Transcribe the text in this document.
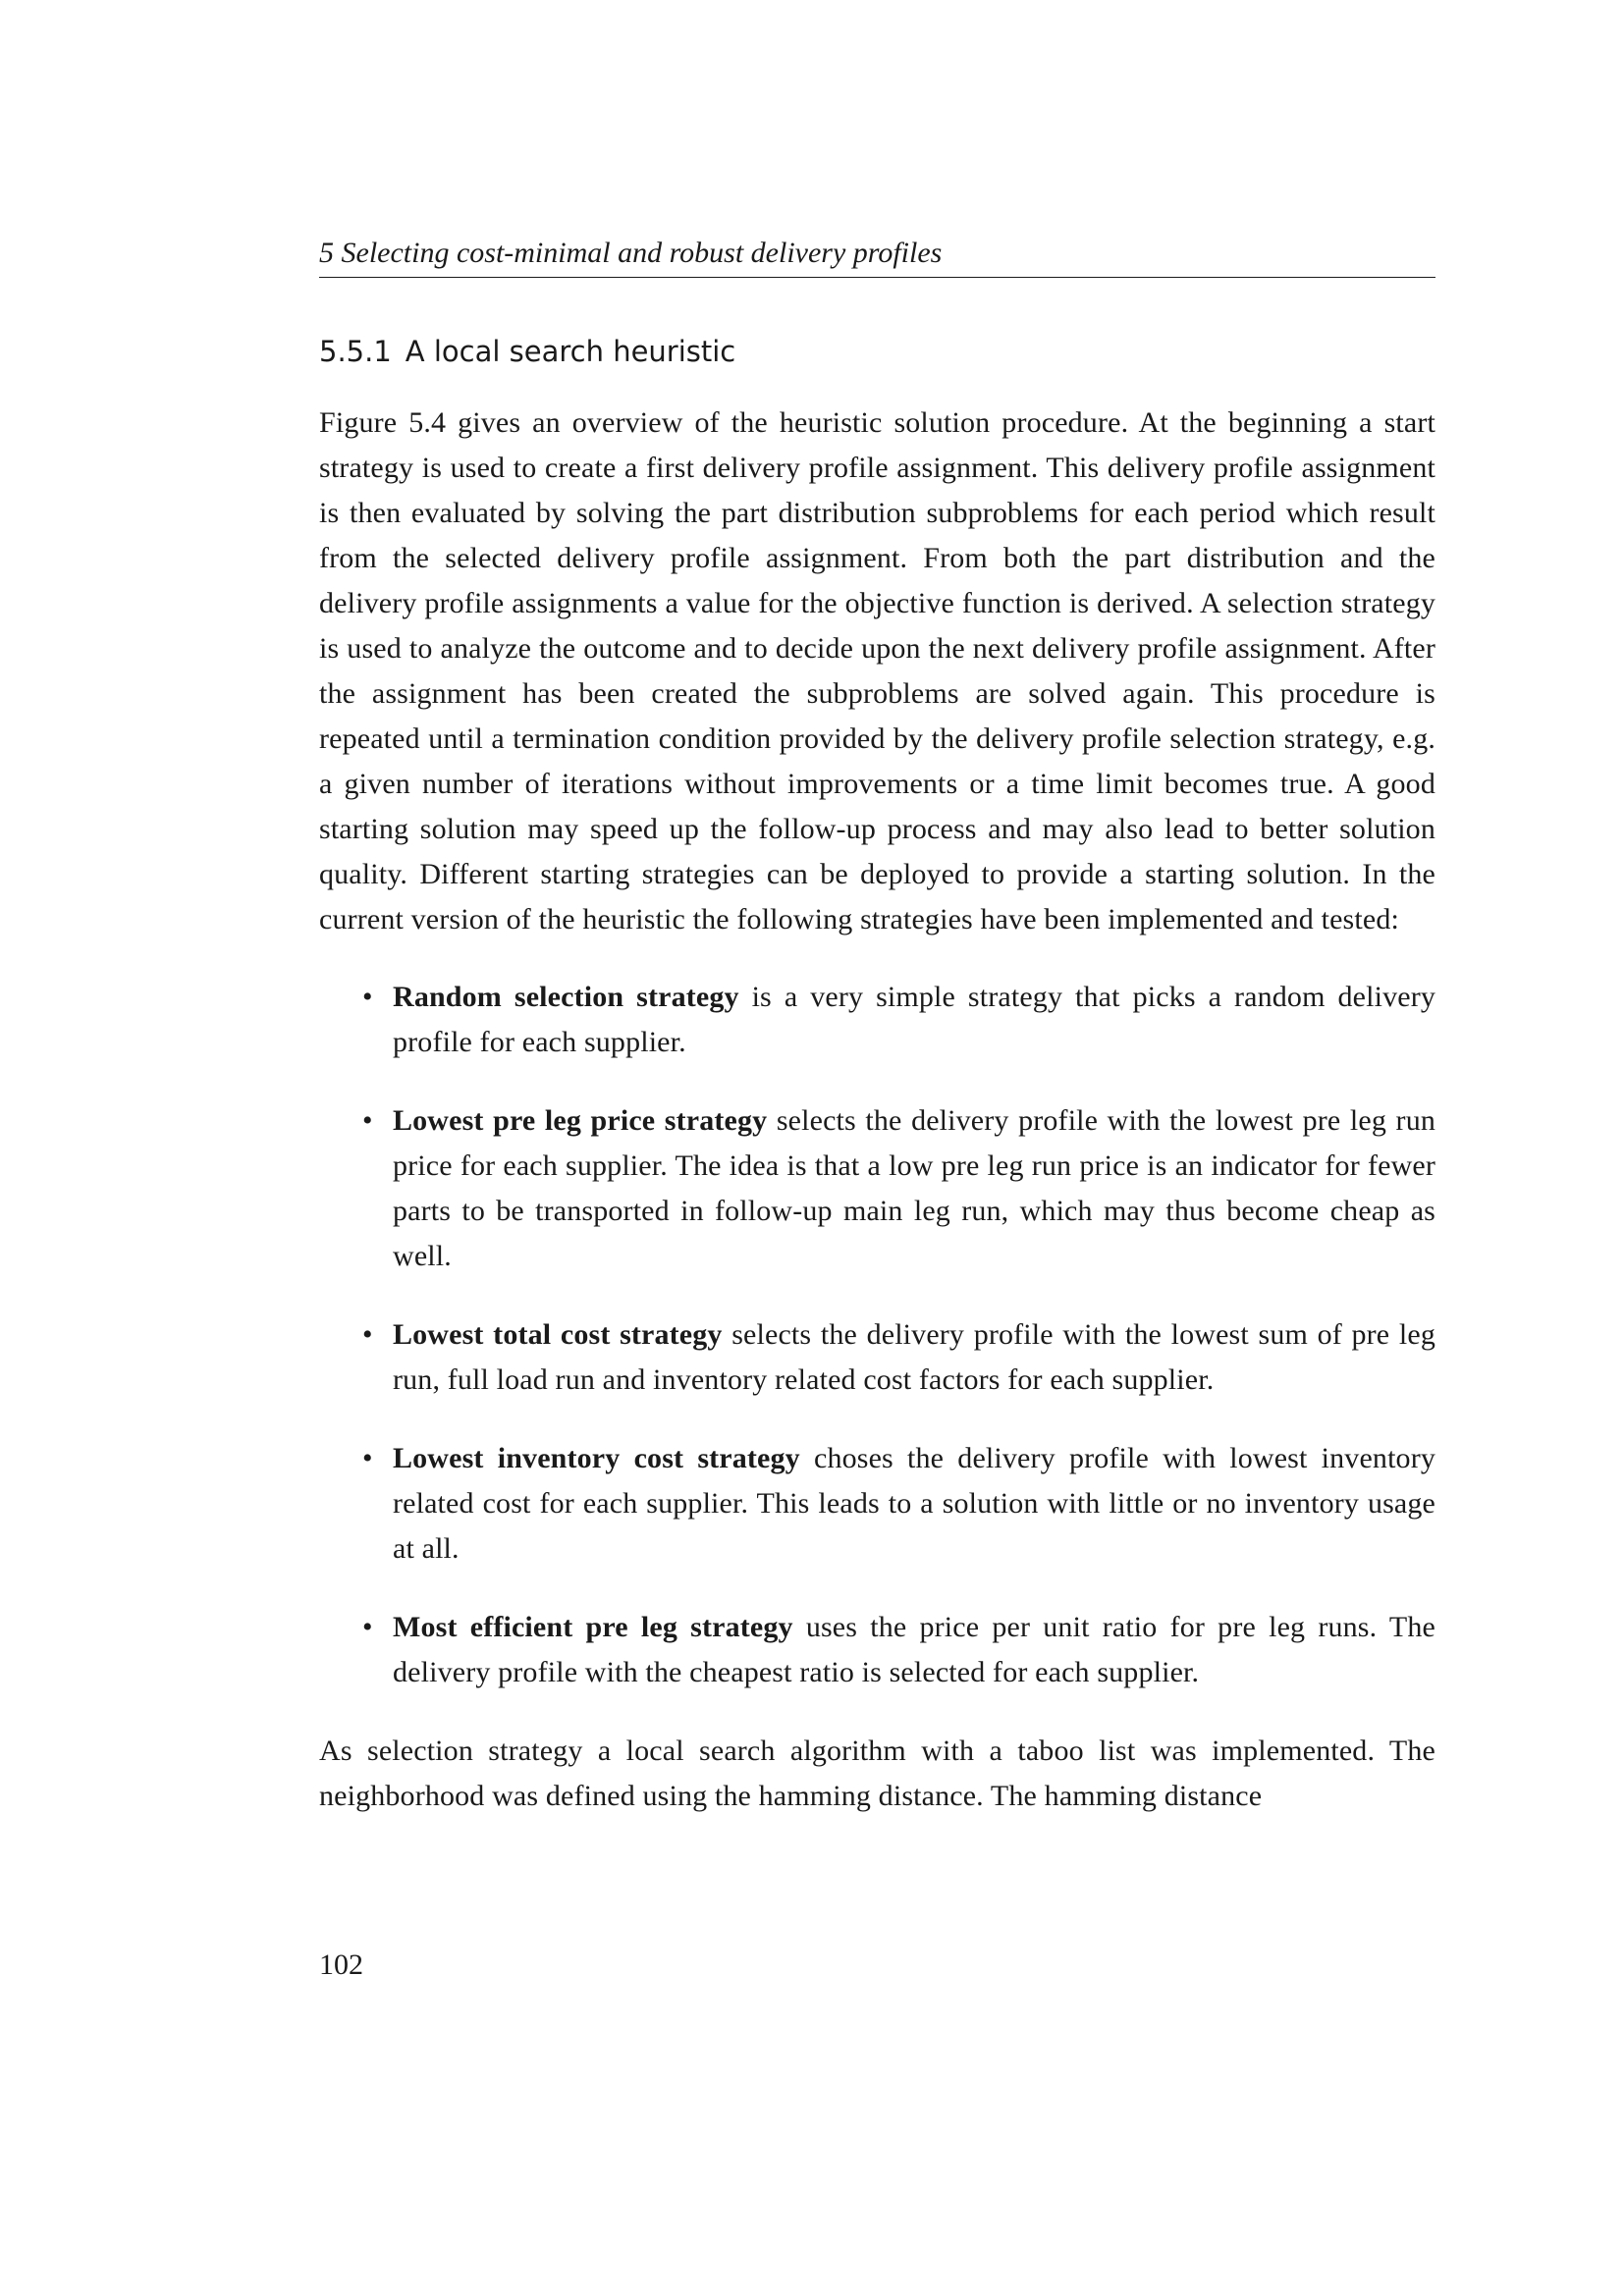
5 Selecting cost-minimal and robust delivery profiles
5.5.1 A local search heuristic

Figure 5.4 gives an overview of the heuristic solution procedure. At the beginning a start strategy is used to create a first delivery profile assignment. This delivery profile assignment is then evaluated by solving the part distribution subproblems for each period which result from the selected delivery profile assignment. From both the part distribution and the delivery profile assignments a value for the objective function is derived. A selection strategy is used to analyze the outcome and to decide upon the next delivery profile assignment. After the assignment has been created the subproblems are solved again. This procedure is repeated until a termination condition provided by the delivery profile selection strategy, e.g. a given number of iterations without improvements or a time limit becomes true. A good starting solution may speed up the follow-up process and may also lead to better solution quality. Different starting strategies can be deployed to provide a starting solution. In the current version of the heuristic the following strategies have been implemented and tested:

• Random selection strategy is a very simple strategy that picks a random delivery profile for each supplier.
• Lowest pre leg price strategy selects the delivery profile with the lowest pre leg run price for each supplier. The idea is that a low pre leg run price is an indicator for fewer parts to be transported in follow-up main leg run, which may thus become cheap as well.
• Lowest total cost strategy selects the delivery profile with the lowest sum of pre leg run, full load run and inventory related cost factors for each supplier.
• Lowest inventory cost strategy choses the delivery profile with lowest inventory related cost for each supplier. This leads to a solution with little or no inventory usage at all.
• Most efficient pre leg strategy uses the price per unit ratio for pre leg runs. The delivery profile with the cheapest ratio is selected for each supplier.

As selection strategy a local search algorithm with a taboo list was implemented. The neighborhood was defined using the hamming distance. The hamming distance

102
